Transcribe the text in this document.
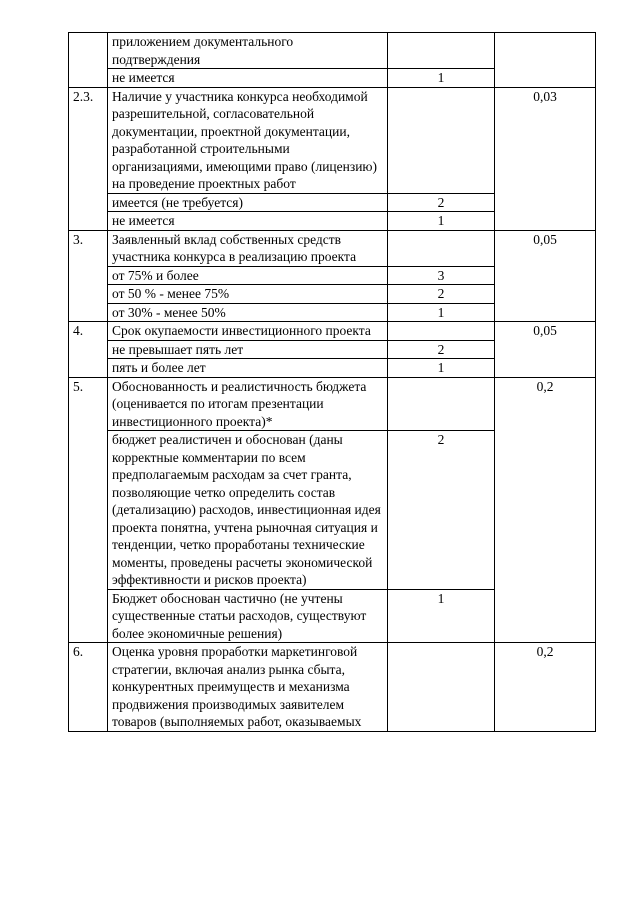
	приложением документального подтверждения		
	не имеется	1	
2.3.	Наличие у участника конкурса необходимой разрешительной, согласовательной документации, проектной документации, разработанной строительными организациями, имеющими право (лицензию) на проведение проектных работ		0,03
	имеется (не требуется)	2	
	не имеется	1	
3.	Заявленный вклад собственных средств участника конкурса в реализацию проекта		0,05
	от 75% и более	3	
	от 50 % - менее 75%	2	
	от 30% - менее 50%	1	
4.	Срок окупаемости инвестиционного проекта		0,05
	не превышает пять лет	2	
	пять и более лет	1	
5.	Обоснованность и реалистичность бюджета (оценивается по итогам презентации инвестиционного проекта)*		0,2
	бюджет реалистичен и обоснован (даны корректные комментарии по всем предполагаемым расходам за счет гранта, позволяющие четко определить состав (детализацию) расходов, инвестиционная идея проекта понятна, учтена рыночная ситуация и тенденции, четко проработаны технические моменты, проведены расчеты экономической эффективности и рисков проекта)	2	
	Бюджет обоснован частично (не учтены существенные статьи расходов, существуют более экономичные решения)	1	
6.	Оценка уровня проработки маркетинговой стратегии, включая анализ рынка сбыта, конкурентных преимуществ и механизма продвижения производимых заявителем товаров (выполняемых работ, оказываемых		0,2
